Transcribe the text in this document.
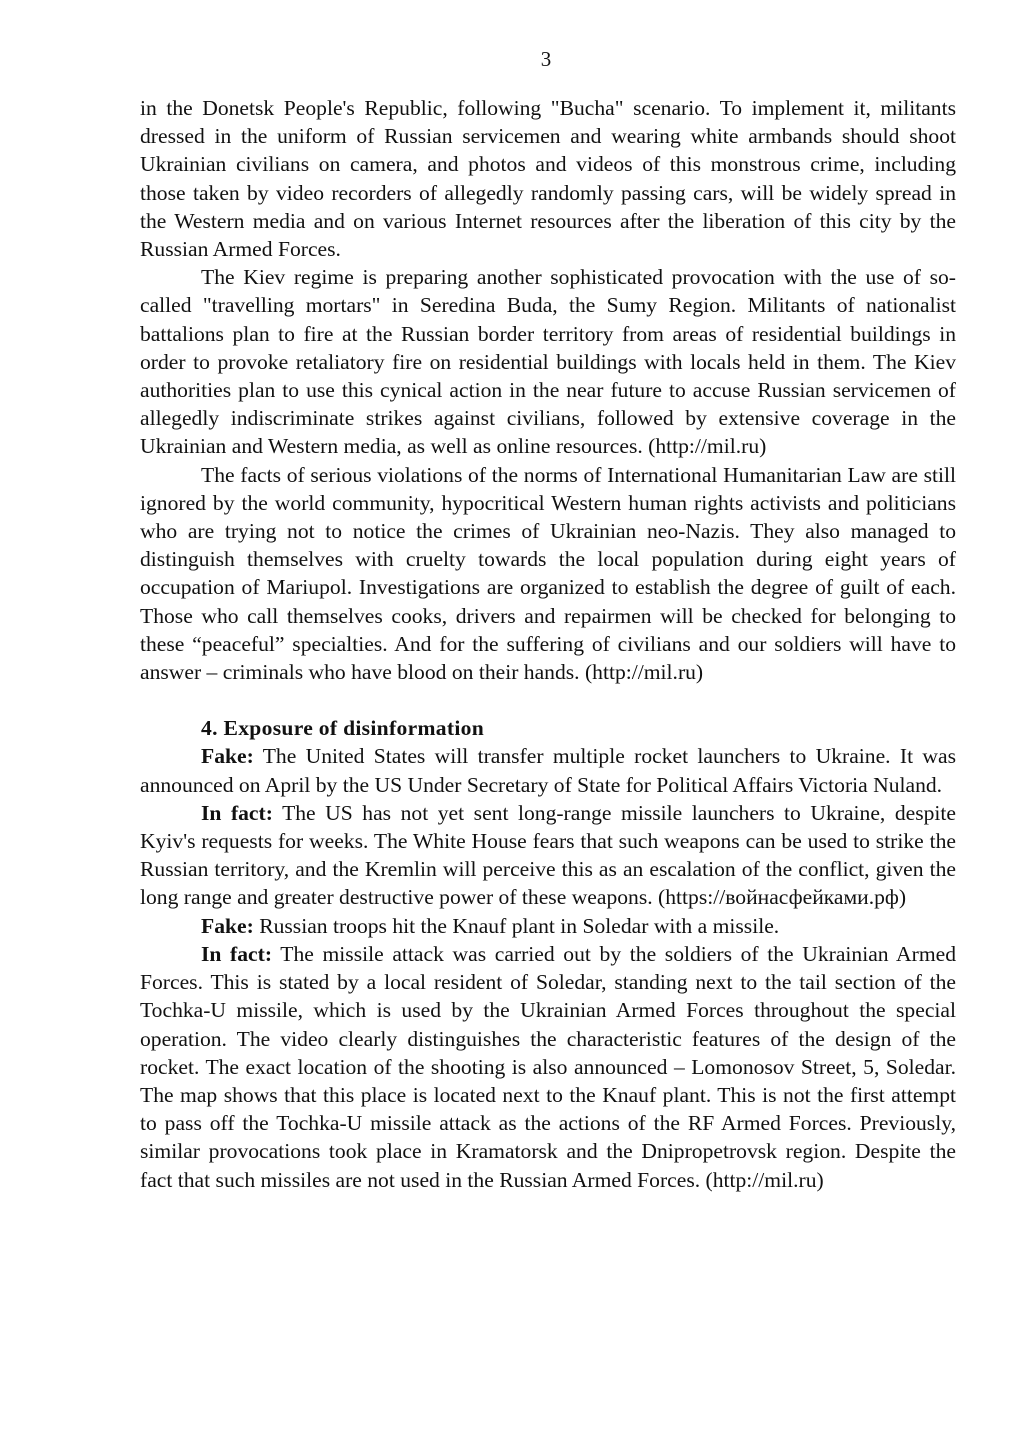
3

in the Donetsk People's Republic, following "Bucha" scenario. To implement it, militants dressed in the uniform of Russian servicemen and wearing white armbands should shoot Ukrainian civilians on camera, and photos and videos of this monstrous crime, including those taken by video recorders of allegedly randomly passing cars, will be widely spread in the Western media and on various Internet resources after the liberation of this city by the Russian Armed Forces.

The Kiev regime is preparing another sophisticated provocation with the use of so-called "travelling mortars" in Seredina Buda, the Sumy Region. Militants of nationalist battalions plan to fire at the Russian border territory from areas of residential buildings in order to provoke retaliatory fire on residential buildings with locals held in them. The Kiev authorities plan to use this cynical action in the near future to accuse Russian servicemen of allegedly indiscriminate strikes against civilians, followed by extensive coverage in the Ukrainian and Western media, as well as online resources. (http://mil.ru)

The facts of serious violations of the norms of International Humanitarian Law are still ignored by the world community, hypocritical Western human rights activists and politicians who are trying not to notice the crimes of Ukrainian neo-Nazis. They also managed to distinguish themselves with cruelty towards the local population during eight years of occupation of Mariupol. Investigations are organized to establish the degree of guilt of each. Those who call themselves cooks, drivers and repairmen will be checked for belonging to these “peaceful” specialties. And for the suffering of civilians and our soldiers will have to answer – criminals who have blood on their hands. (http://mil.ru)

4. Exposure of disinformation

Fake: The United States will transfer multiple rocket launchers to Ukraine. It was announced on April by the US Under Secretary of State for Political Affairs Victoria Nuland.

In fact: The US has not yet sent long-range missile launchers to Ukraine, despite Kyiv's requests for weeks. The White House fears that such weapons can be used to strike the Russian territory, and the Kremlin will perceive this as an escalation of the conflict, given the long range and greater destructive power of these weapons. (https://войнасфейками.рф)

Fake: Russian troops hit the Knauf plant in Soledar with a missile.

In fact: The missile attack was carried out by the soldiers of the Ukrainian Armed Forces. This is stated by a local resident of Soledar, standing next to the tail section of the Tochka-U missile, which is used by the Ukrainian Armed Forces throughout the special operation. The video clearly distinguishes the characteristic features of the design of the rocket. The exact location of the shooting is also announced – Lomonosov Street, 5, Soledar. The map shows that this place is located next to the Knauf plant. This is not the first attempt to pass off the Tochka-U missile attack as the actions of the RF Armed Forces. Previously, similar provocations took place in Kramatorsk and the Dnipropetrovsk region. Despite the fact that such missiles are not used in the Russian Armed Forces. (http://mil.ru)
